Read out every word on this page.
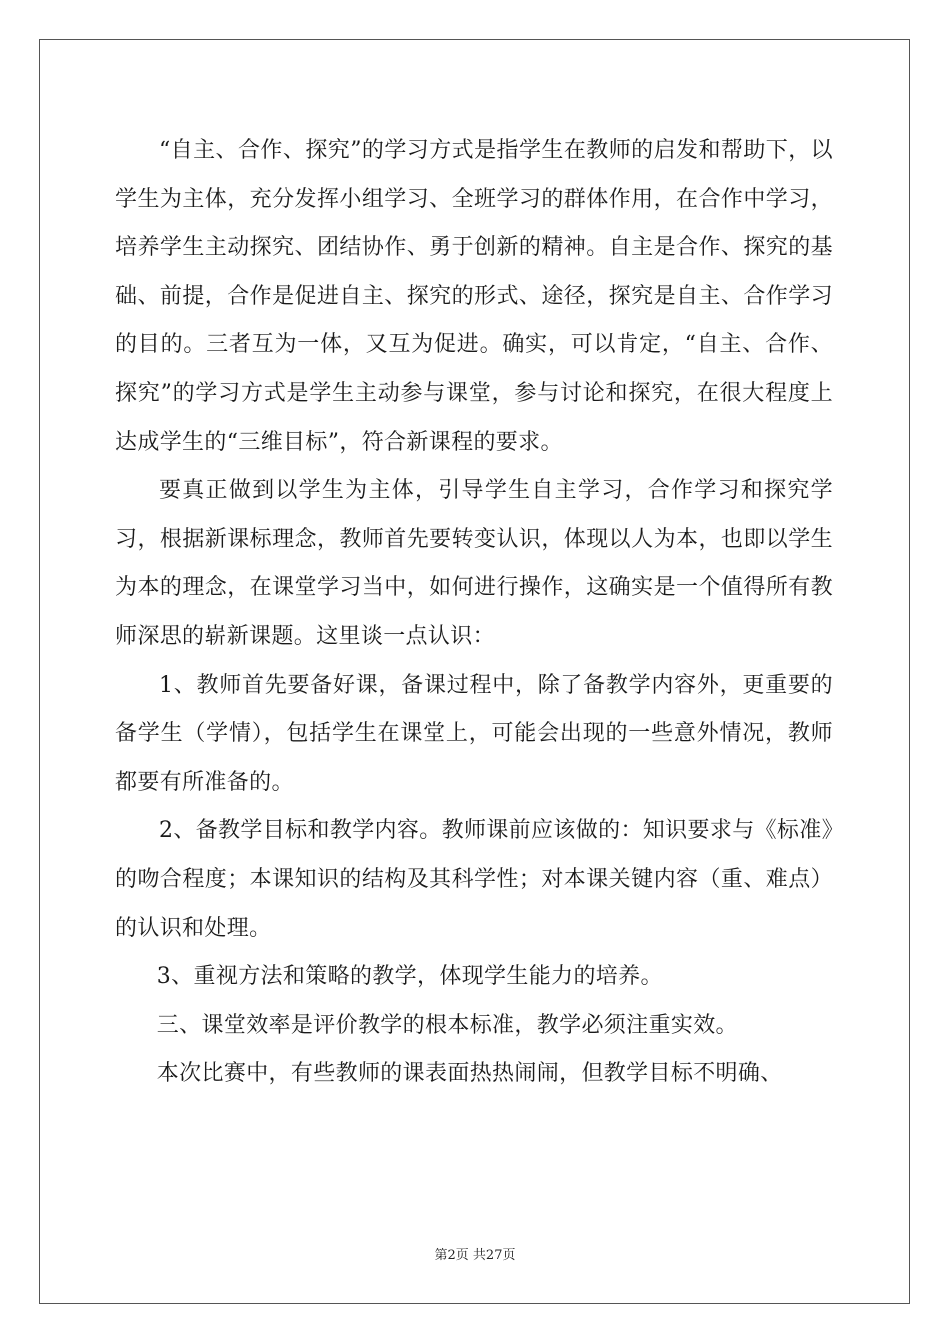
“自主、合作、探究”的学习方式是指学生在教师的启发和帮助下，以学生为主体，充分发挥小组学习、全班学习的群体作用，在合作中学习，培养学生主动探究、团结协作、勇于创新的精神。自主是合作、探究的基础、前提，合作是促进自主、探究的形式、途径，探究是自主、合作学习的目的。三者互为一体，又互为促进。确实，可以肯定，“自主、合作、探究”的学习方式是学生主动参与课堂，参与讨论和探究，在很大程度上达成学生的“三维目标”，符合新课程的要求。

要真正做到以学生为主体，引导学生自主学习，合作学习和探究学习，根据新课标理念，教师首先要转变认识，体现以人为本，也即以学生为本的理念，在课堂学习当中，如何进行操作，这确实是一个值得所有教师深思的崭新课题。这里谈一点认识：

1、教师首先要备好课，备课过程中，除了备教学内容外，更重要的备学生（学情），包括学生在课堂上，可能会出现的一些意外情况，教师都要有所准备的。

2、备教学目标和教学内容。教师课前应该做的：知识要求与《标准》的吻合程度；本课知识的结构及其科学性；对本课关键内容（重、难点）的认识和处理。

3、重视方法和策略的教学，体现学生能力的培养。

三、课堂效率是评价教学的根本标准，教学必须注重实效。

本次比赛中，有些教师的课表面热热闹闹，但教学目标不明确、

第2页 共27页
